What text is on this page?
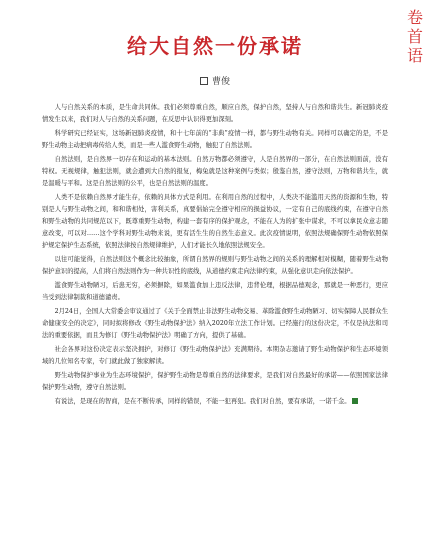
卷首语
给大自然一份承诺
曹俊

人与自然关系的本质，是生命共同体。我们必须尊重自然，顺应自然，保护自然，坚持人与自然和谐共生。新冠肺炎疫情发生以来，我们对人与自然的关系问题，在反思中认识得更加深刻。

科学研究已经证实，这场新冠肺炎疫情，和十七年前的“非典”疫情一样，都与野生动物有关。同样可以确定的是，不是野生动物主动把病毒传给人类，而是一些人滥食野生动物，触犯了自然法则。

自然法则，是自然界一切存在和运动的基本法则。自然万物都必须遵守，人是自然界的一部分，在自然法则面前，没有特权。无视规律，触犯法则，就会遭到大自然的报复，梅兔就是这种案例与类似；殷鉴自然，遵守法则，万物和谐共生，就是温暖与平和。这是自然法则的公平，也是自然法则的温度。

人类不是依赖自然界才能生存，依赖的具体方式是利用。在利用自然的过程中，人类决不能滥用天然的资源和生物，特别是人与野生动物之间，和和谐相处，害利关系，真要倡始完全遵守相应的损益协议，一定有自己的底线约束，在遵守自然和野生动物的共同规范以下，既尊重野生动物，构建一套有序的保护观念，不能在人为的扩张中谋求，不可以拿民众意志随意改变，可以对……这个学科对野生动物来说，更有活生生的自然生态意义。此次疫情说明，依照法规确保野生动物依照保护规定保护生态系统，依照法律按自然规律维护，人们才能长久地依照法规安全。

以往可能觉得，自然法则这个概念比较抽象，所谓自然界的规则与野生动物之间的关系的理解相对模糊，随着野生动物保护意识的提高，人们将自然法则作为一种共识性的底线，从道德约束走向法律约束，从强化意识走向依法保护。

滥食野生动物陋习，后患无穷，必须摒除，如果滥食加上违反法律，违背伦理，根据品德观念，那就是一种恶行，更应当受到法律制裁和道德谴责。

2月24日，全国人大常委会审议通过了《关于全面禁止非法野生动物交易、革除滥食野生动物陋习、切实保障人民群众生命健康安全的决定》，同时拟将修改《野生动物保护法》纳入2020年立法工作计划。已经施行的这份决定，不仅是执法和司法的重要依据，而且为修订《野生动物保护法》明确了方向，提供了基础。

社会各界对这份决定表示坚决拥护，对修订《野生动物保护法》充满期待。本期杂志邀请了野生动物保护和生态环境领域的几位知名专家，专门就此做了独家解读。

野生动物保护事业为生态环境保护，保护野生动物是尊重自然的法律要求，是我们对自然最好的承诺——依照国家法律保护野生动物，遵守自然法则。

有说法，是现在的智商，是在不断传承，同样的错误，不能一犯再犯。我们对自然，要有承诺，一诺千金。
